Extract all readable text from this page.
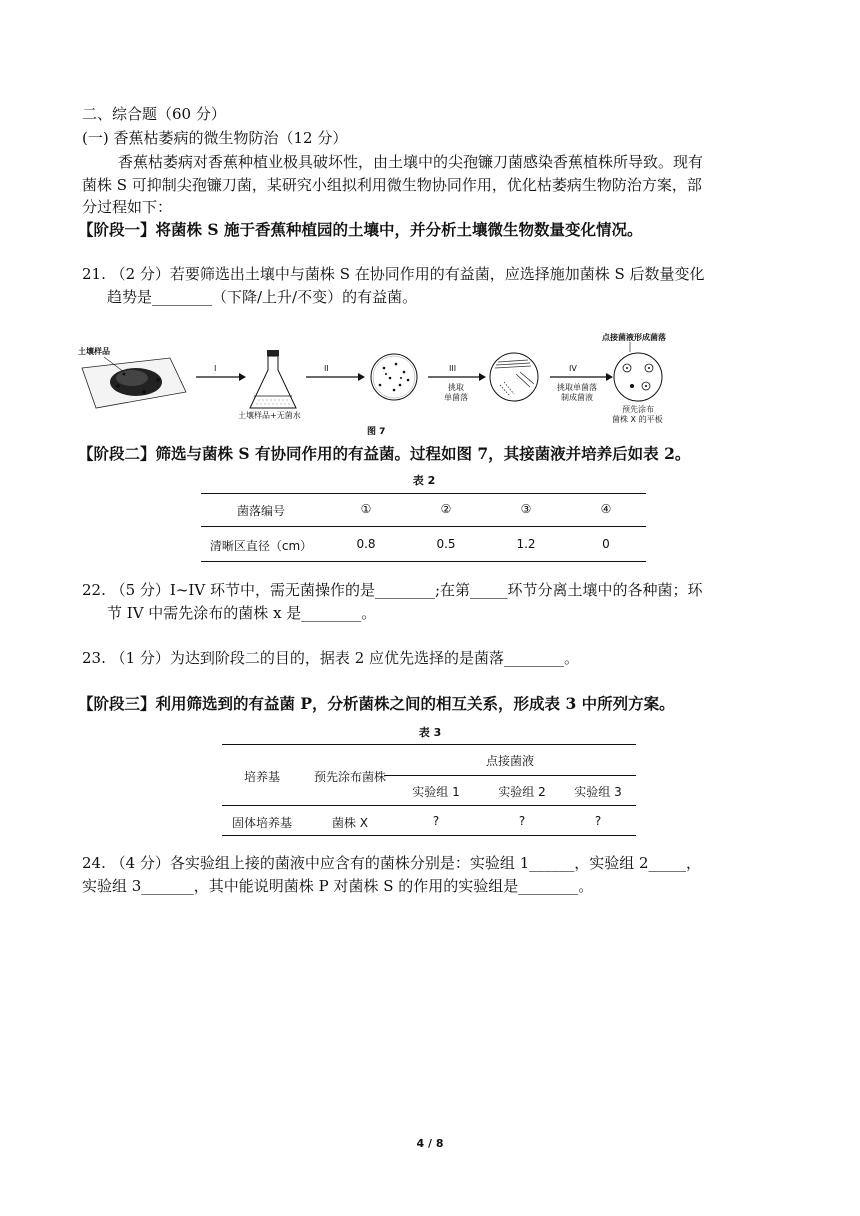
二、综合题（60 分）
(一) 香蕉枯萎病的微生物防治（12 分）
香蕉枯萎病对香蕉种植业极具破坏性，由土壤中的尖孢镰刀菌感染香蕉植株所导致。现有
菌株 S 可抑制尖孢镰刀菌，某研究小组拟利用微生物协同作用，优化枯萎病生物防治方案，部
分过程如下：
【阶段一】将菌株 S 施于香蕉种植园的土壤中，并分析土壤微生物数量变化情况。
21. （2 分）若要筛选出土壤中与菌株 S 在协同作用的有益菌，应选择施加菌株 S 后数量变化
趋势是________（下降/上升/不变）的有益菌。
土壤样品
I
土壤样品+无菌水
II	III
挑取
单菌落
IV
挑取单菌落
制成菌液
点接菌液形成菌落
预先涂布
菌株 X 的平板
图 7
【阶段二】筛选与菌株 S 有协同作用的有益菌。过程如图 7，其接菌液并培养后如表 2。
表 2
菌落编号	①	②	③	④
清晰区直径（cm）	0.8	0.5	1.2	0
22. （5 分）I~IV 环节中，需无菌操作的是________;在第_____环节分离土壤中的各种菌；环
节 IV 中需先涂布的菌株 x 是________。
23. （1 分）为达到阶段二的目的，据表 2 应优先选择的是菌落________。
【阶段三】利用筛选到的有益菌 P，分析菌株之间的相互关系，形成表 3 中所列方案。
表 3
培养基	预先涂布菌株
点接菌液
实验组 1	实验组 2	实验组 3
固体培养基	菌株 X	?	?	?
24. （4 分）各实验组上接的菌液中应含有的菌株分别是：实验组 1______，实验组 2_____，
实验组 3_______，其中能说明菌株 P 对菌株 S 的作用的实验组是________。
4 / 8
